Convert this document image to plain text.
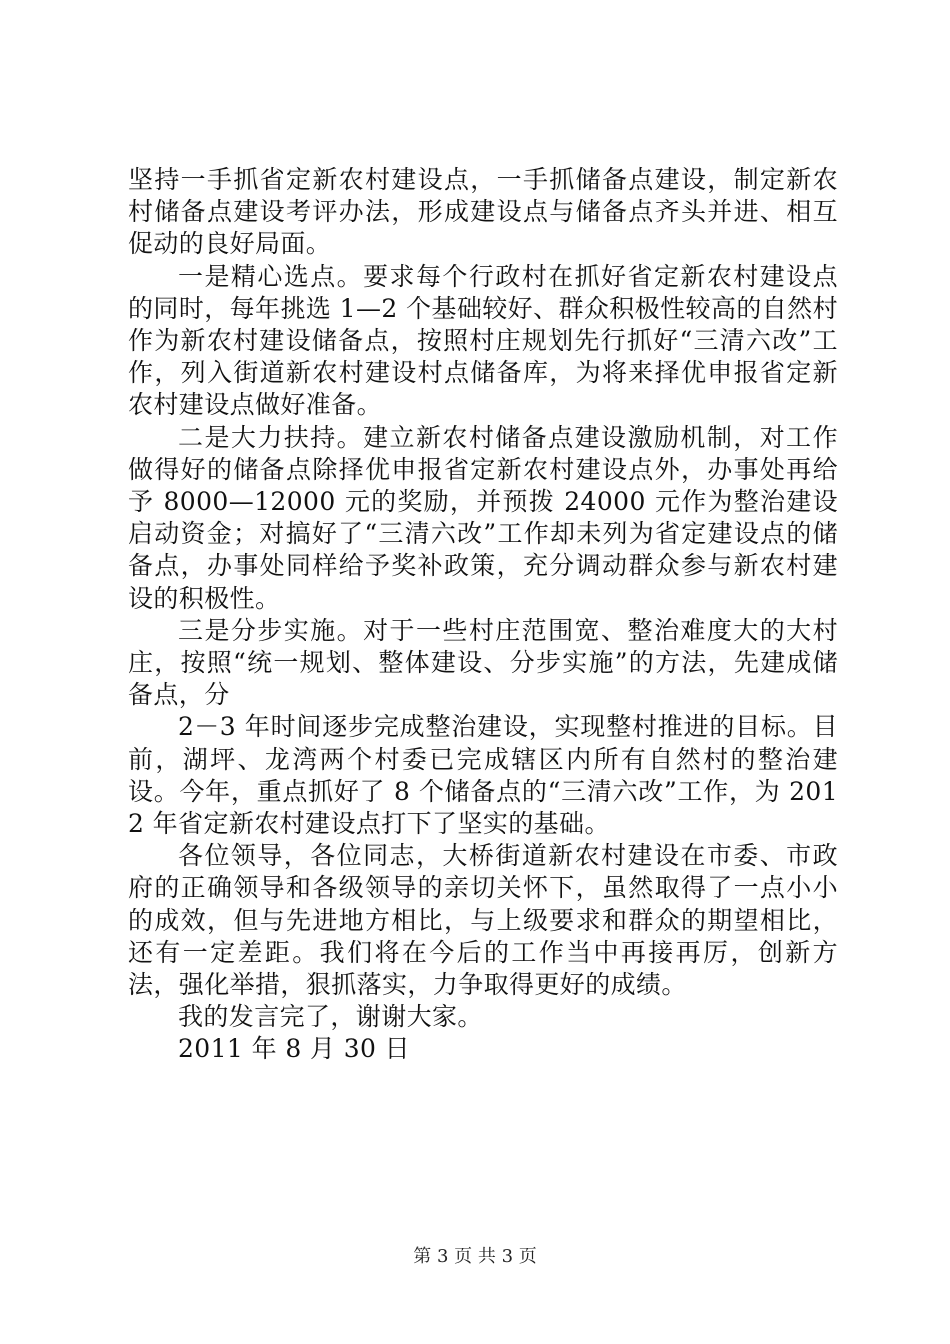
坚持一手抓省定新农村建设点，一手抓储备点建设，制定新农村储备点建设考评办法，形成建设点与储备点齐头并进、相互促动的良好局面。

一是精心选点。要求每个行政村在抓好省定新农村建设点的同时，每年挑选 1—2 个基础较好、群众积极性较高的自然村作为新农村建设储备点，按照村庄规划先行抓好“三清六改”工作，列入街道新农村建设村点储备库，为将来择优申报省定新农村建设点做好准备。

二是大力扶持。建立新农村储备点建设激励机制，对工作做得好的储备点除择优申报省定新农村建设点外，办事处再给予 8000—12000 元的奖励，并预拨 24000 元作为整治建设启动资金；对搞好了“三清六改”工作却未列为省定建设点的储备点，办事处同样给予奖补政策，充分调动群众参与新农村建设的积极性。

三是分步实施。对于一些村庄范围宽、整治难度大的大村庄，按照“统一规划、整体建设、分步实施”的方法，先建成储备点，分

2－3 年时间逐步完成整治建设，实现整村推进的目标。目前，湖坪、龙湾两个村委已完成辖区内所有自然村的整治建设。今年，重点抓好了 8 个储备点的“三清六改”工作，为 2012 年省定新农村建设点打下了坚实的基础。

各位领导，各位同志，大桥街道新农村建设在市委、市政府的正确领导和各级领导的亲切关怀下，虽然取得了一点小小的成效，但与先进地方相比，与上级要求和群众的期望相比，还有一定差距。我们将在今后的工作当中再接再厉，创新方法，强化举措，狠抓落实，力争取得更好的成绩。

我的发言完了，谢谢大家。

2011 年 8 月 30 日

第 3 页 共 3 页
